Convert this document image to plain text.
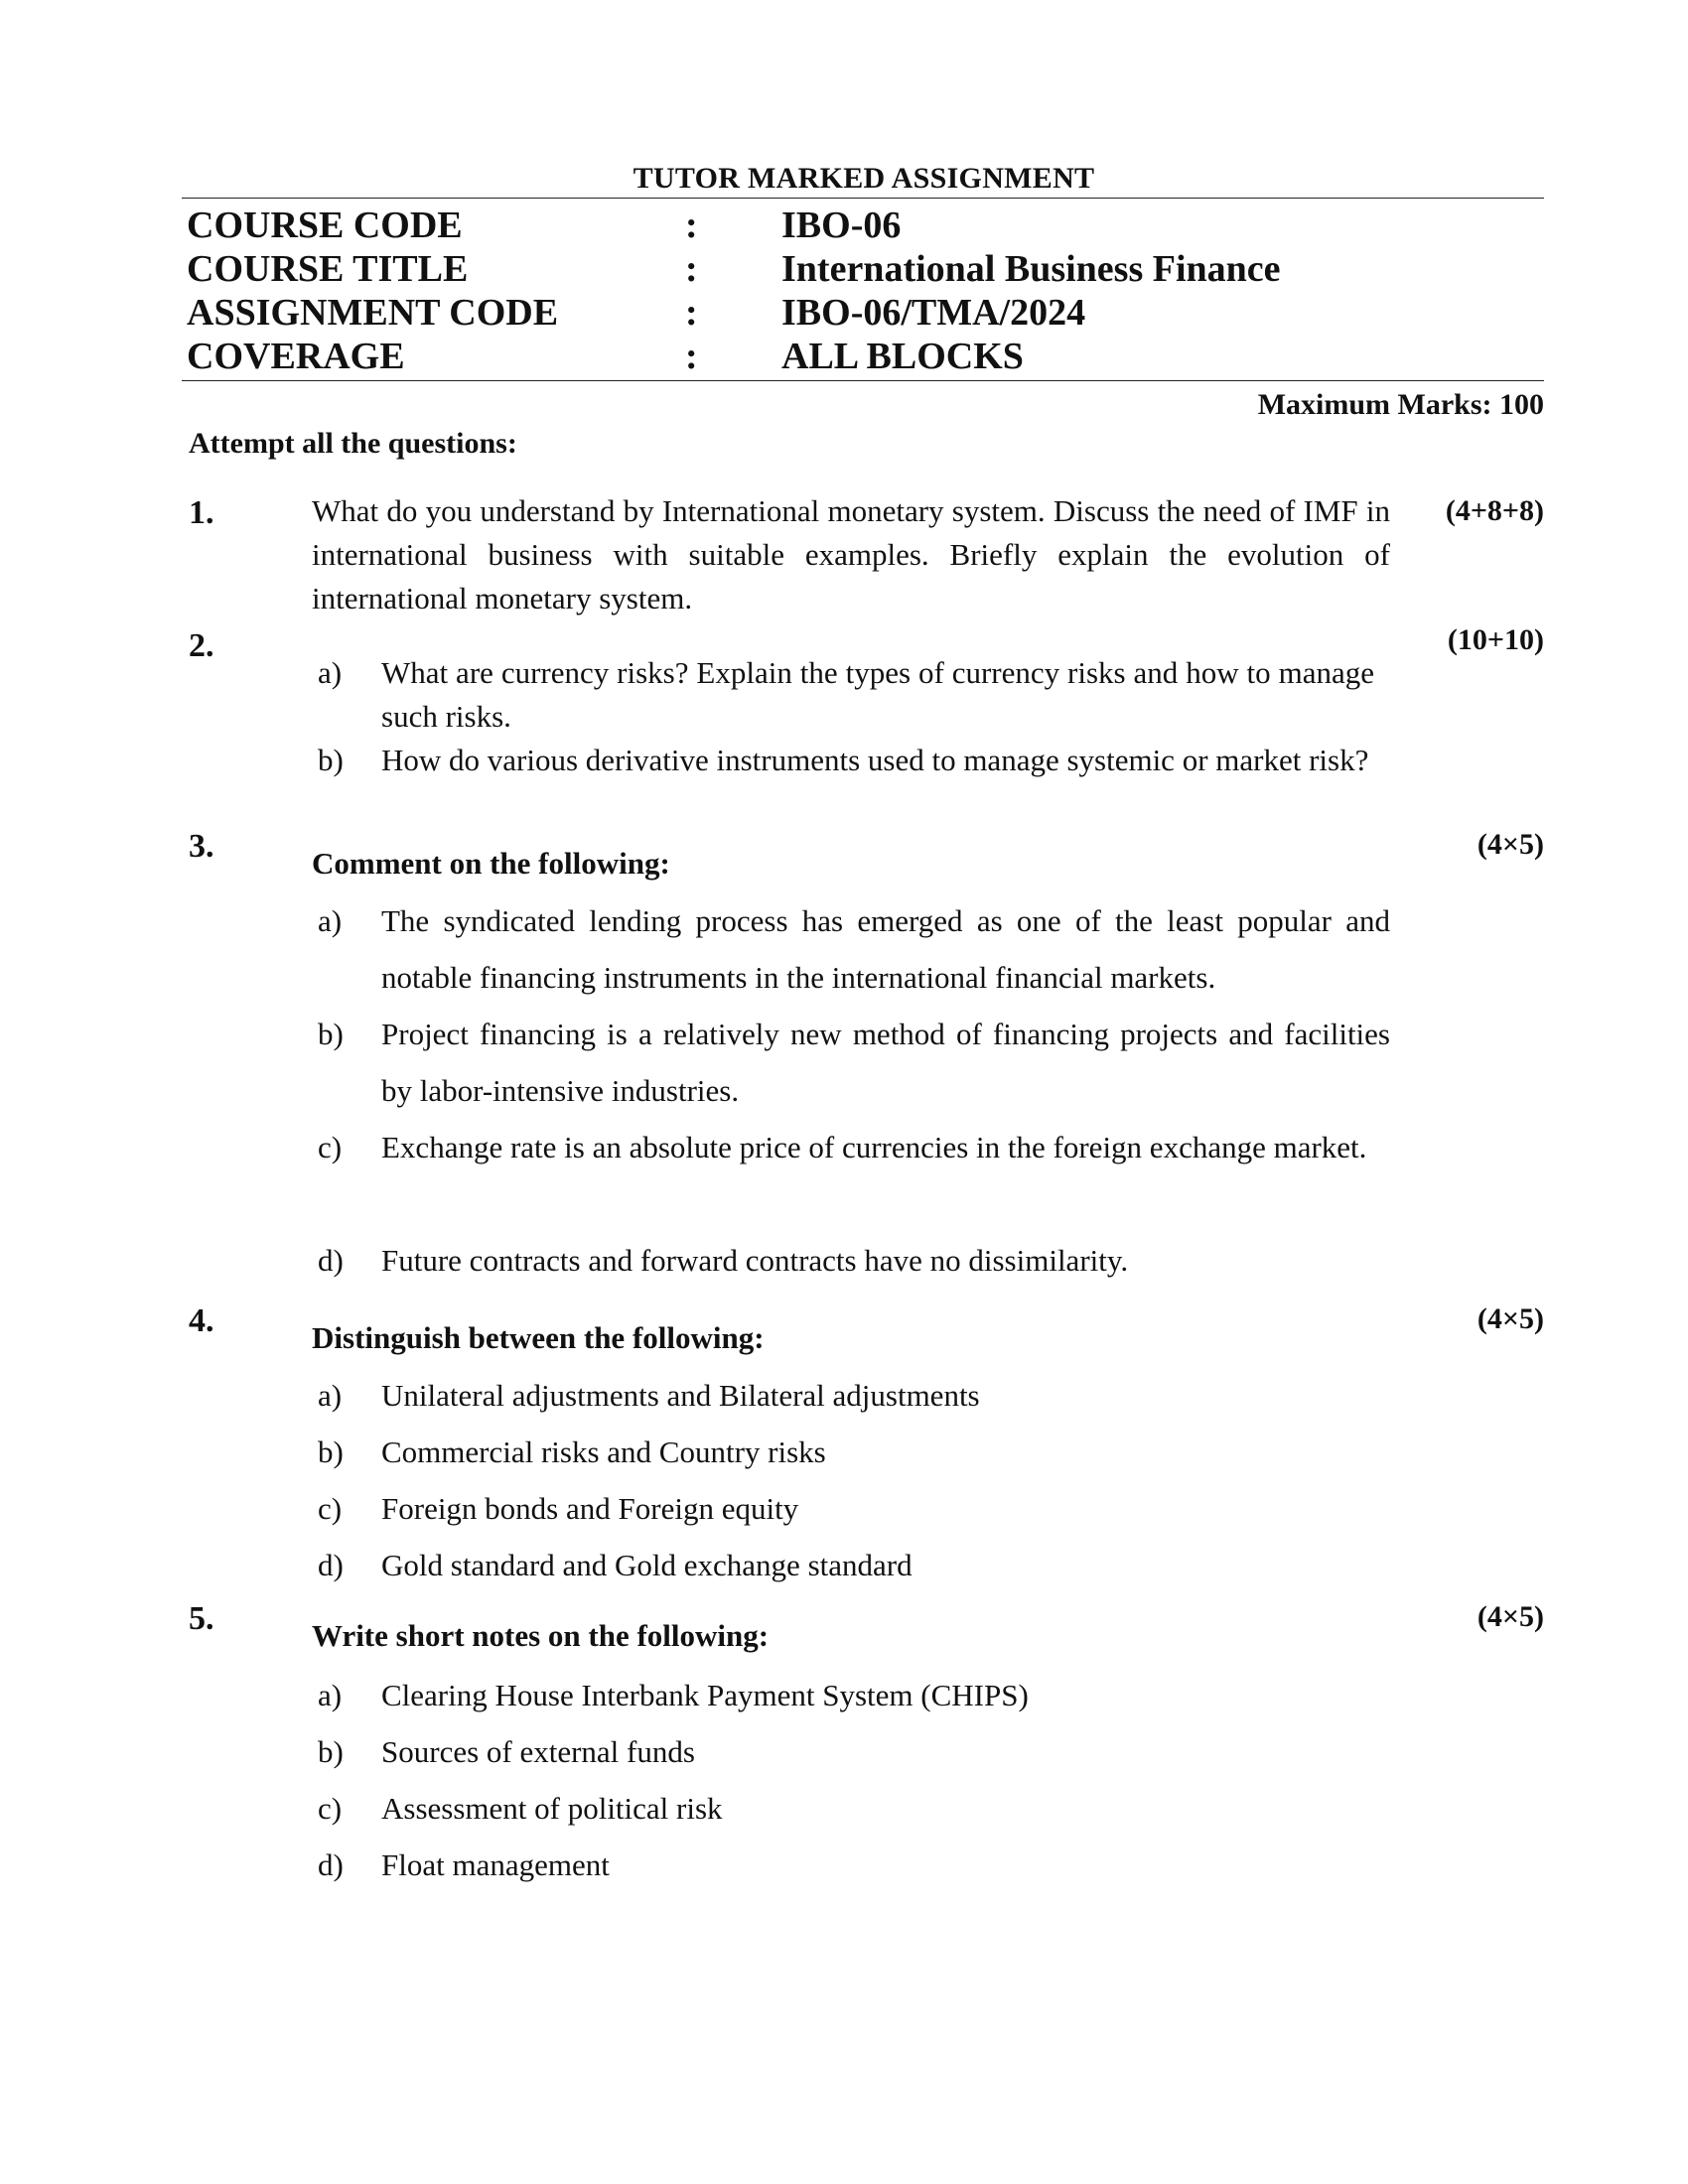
TUTOR MARKED ASSIGNMENT
COURSE CODE	: IBO-06
COURSE TITLE	: International Business Finance
ASSIGNMENT CODE	: IBO-06/TMA/2024
COVERAGE	: ALL BLOCKS
Maximum Marks: 100
Attempt all the questions:
1.	(4+8+8)
What do you understand by International monetary system. Discuss the need of IMF in international business with suitable examples. Briefly explain the evolution of international monetary system.
2.	(10+10)
a) What are currency risks? Explain the types of currency risks and how to manage such risks.
b) How do various derivative instruments used to manage systemic or market risk?
3.	(4×5)
Comment on the following:
a) The syndicated lending process has emerged as one of the least popular and notable financing instruments in the international financial markets.
b) Project financing is a relatively new method of financing projects and facilities by labor-intensive industries.
c) Exchange rate is an absolute price of currencies in the foreign exchange market.
d) Future contracts and forward contracts have no dissimilarity.
4.	(4×5)
Distinguish between the following:
a) Unilateral adjustments and Bilateral adjustments
b) Commercial risks and Country risks
c) Foreign bonds and Foreign equity
d) Gold standard and Gold exchange standard
5.	(4×5)
Write short notes on the following:
a) Clearing House Interbank Payment System (CHIPS)
b) Sources of external funds
c) Assessment of political risk
d) Float management
